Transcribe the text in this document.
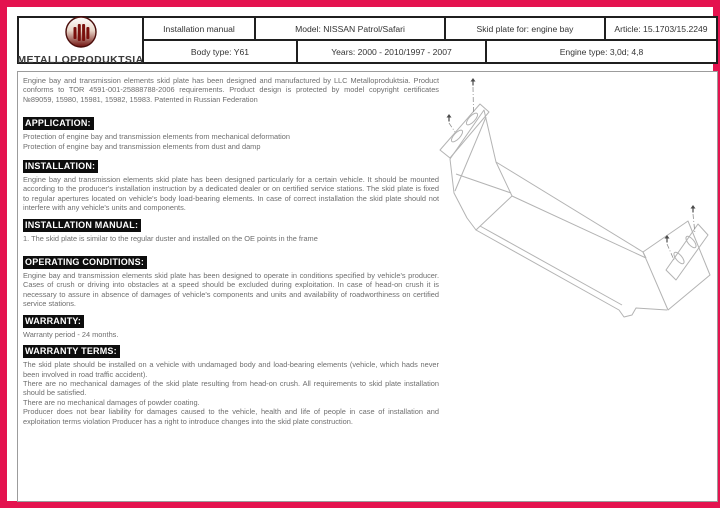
METALLOPRODUKTSIA
Installation manual	Model: NISSAN Patrol/Safari	Skid plate for: engine bay	Article: 15.1703/15.2249
Body type: Y61	Years: 2000 - 2010/1997 - 2007	Engine type: 3,0d; 4,8

Engine bay and transmission elements skid plate has been designed and manufactured by LLC Metalloproduktsia. Product conforms to TOR 4591-001-25888788-2006 requirements. Product design is protected by model copyright certificates №89059, 15980, 15981, 15982, 15983. Patented in Russian Federation

APPLICATION:

Protection of engine bay and transmission elements from mechanical deformation

Protection of engine bay and transmission elements from dust and damp

INSTALLATION:

Engine bay and transmission elements skid plate has been designed particularly for a certain vehicle. It should be mounted according to the producer's installation instruction by a dedicated dealer or on certified service stations. The skid plate is fixed to regular apertures located on vehicle's body load-bearing elements. In case of correct installation the skid plate should not interfere with any vehicle's units and components.

INSTALLATION MANUAL:

1. The skid plate is similar to the regular duster and installed on the OE points in the frame

OPERATING CONDITIONS:

Engine bay and transmission elements skid plate has been designed to operate in conditions specified by vehicle's producer. Cases of crush or driving into obstacles at a speed should be excluded during exploitation. In case of head-on crush it is necessary to assure in absence of damages of vehicle's components and units and availability of roadworthiness on certified service stations.

WARRANTY:

Warranty period - 24 months.

WARRANTY TERMS:

The skid plate should be installed on a vehicle with undamaged body and load-bearing elements (vehicle, which hads never been involved in road traffic accident).

There are no mechanical damages of the skid plate resulting from head-on crush. All requirements to skid plate installation should be satisfied.

There are no mechanical damages of powder coating.

Producer does not bear liability for damages caused to the vehicle, health and life of people in case of installation and exploitation terms violation Producer has a right to introduce changes into the skid plate construction.
